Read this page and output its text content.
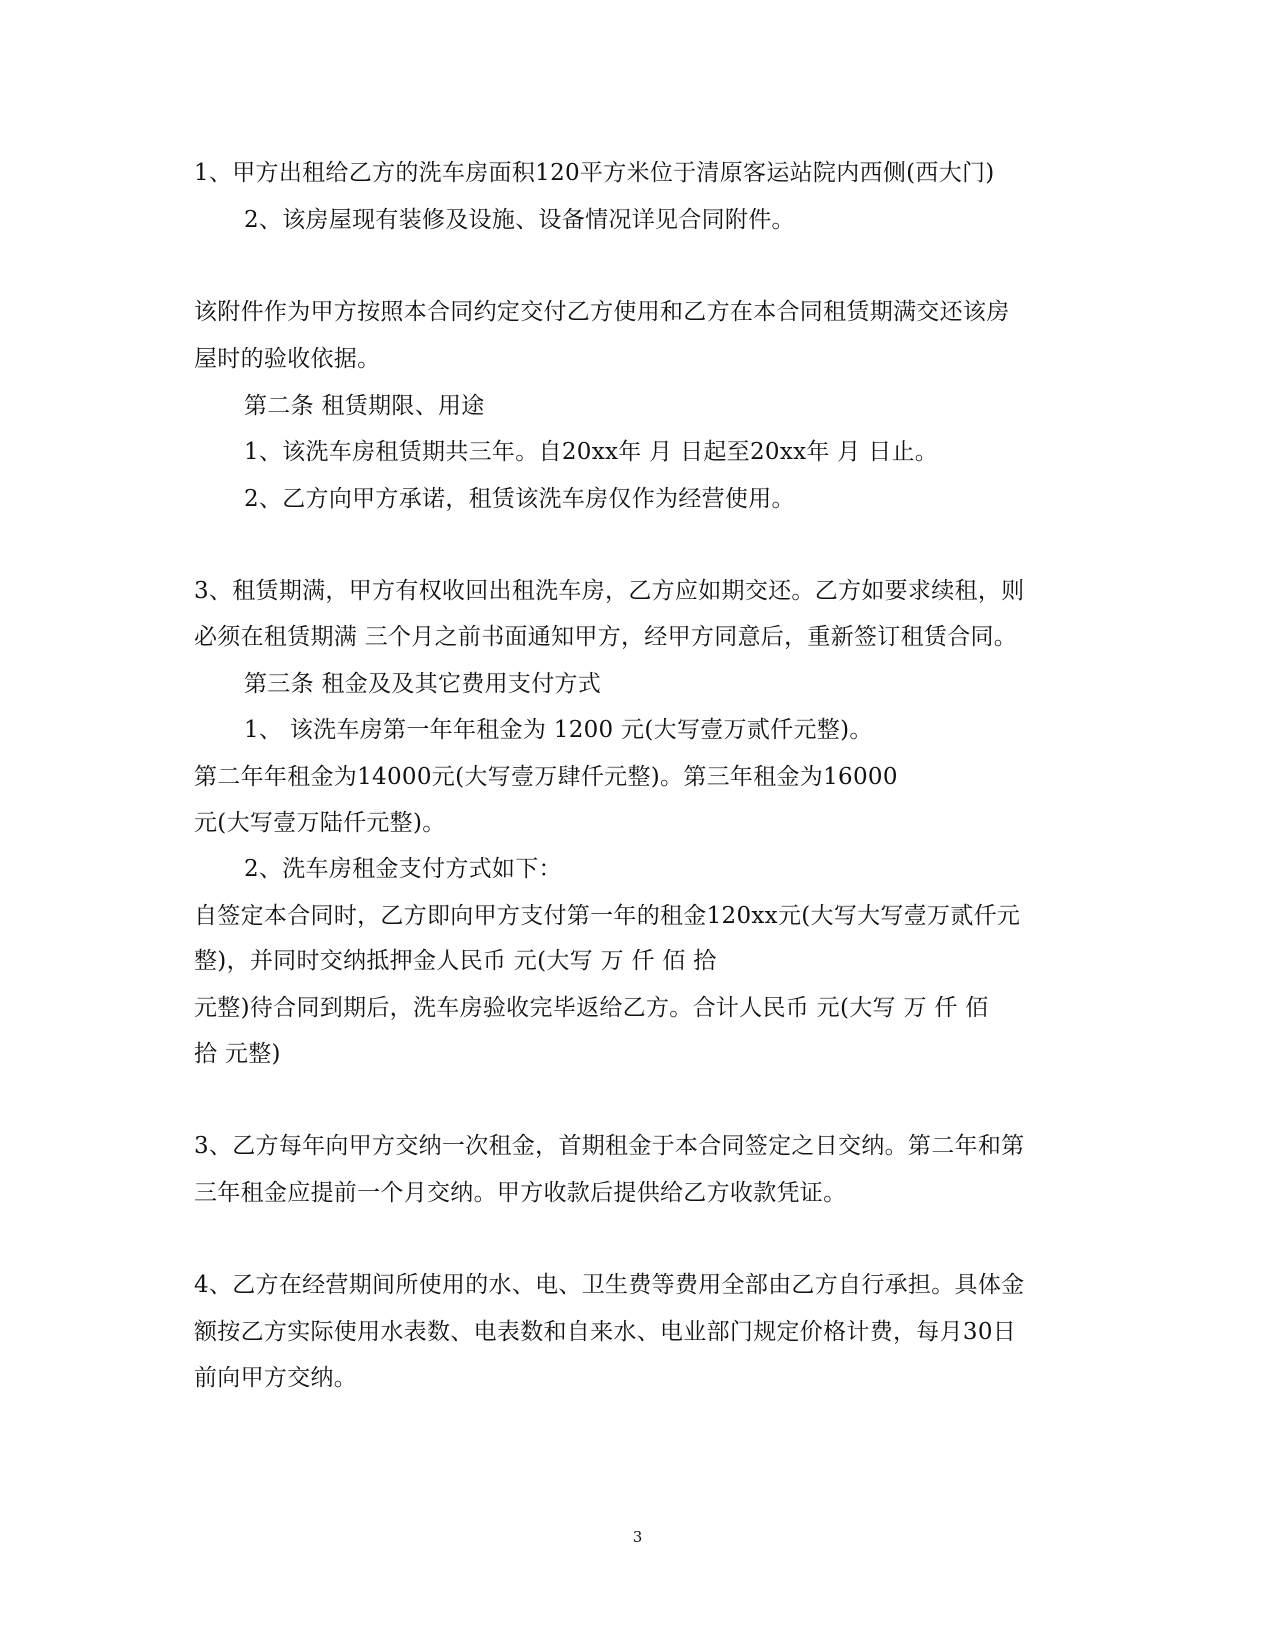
1、甲方出租给乙方的洗车房面积120平方米位于清原客运站院内西侧(西大门)
2、该房屋现有装修及设施、设备情况详见合同附件。
该附件作为甲方按照本合同约定交付乙方使用和乙方在本合同租赁期满交还该房
屋时的验收依据。
第二条 租赁期限、用途
1、该洗车房租赁期共三年。自20xx年 月 日起至20xx年 月 日止。
2、乙方向甲方承诺，租赁该洗车房仅作为经营使用。
3、租赁期满，甲方有权收回出租洗车房，乙方应如期交还。乙方如要求续租，则
必须在租赁期满 三个月之前书面通知甲方，经甲方同意后，重新签订租赁合同。
第三条 租金及及其它费用支付方式
1、 该洗车房第一年年租金为 1200 元(大写壹万贰仟元整)。
第二年年租金为14000元(大写壹万肆仟元整)。第三年租金为16000
元(大写壹万陆仟元整)。
2、洗车房租金支付方式如下：
自签定本合同时，乙方即向甲方支付第一年的租金120xx元(大写大写壹万贰仟元
整)，并同时交纳抵押金人民币 元(大写 万 仟 佰 拾
元整)待合同到期后，洗车房验收完毕返给乙方。合计人民币 元(大写 万 仟 佰
拾 元整)
3、乙方每年向甲方交纳一次租金，首期租金于本合同签定之日交纳。第二年和第
三年租金应提前一个月交纳。甲方收款后提供给乙方收款凭证。
4、乙方在经营期间所使用的水、电、卫生费等费用全部由乙方自行承担。具体金
额按乙方实际使用水表数、电表数和自来水、电业部门规定价格计费，每月30日
前向甲方交纳。
3
